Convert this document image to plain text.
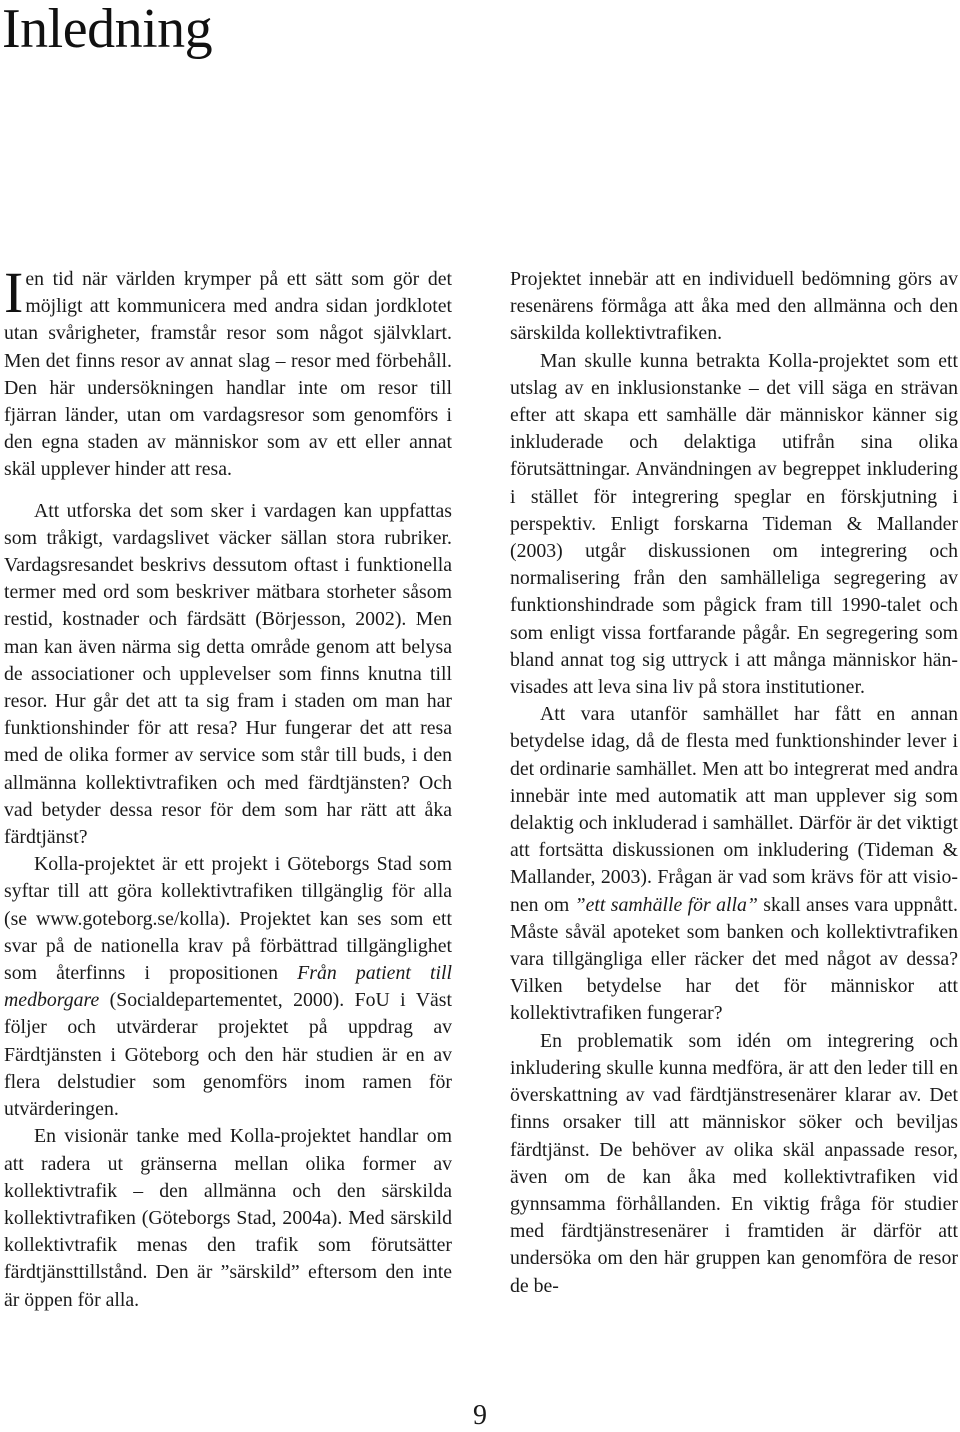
Inledning

Ien tid när världen krymper på ett sätt som gör det möjligt att kommunicera med andra sidan jordklotet utan svårigheter, framstår resor som något självklart. Men det finns resor av annat slag – resor med förbehåll. Den här undersökningen handlar inte om resor till fjärran länder, utan om vardagsresor som genomförs i den egna staden av människor som av ett eller annat skäl upplever hinder att resa.

Att utforska det som sker i vardagen kan uppfattas som tråkigt, vardagslivet väcker sällan stora rubriker. Vardagsresandet beskrivs dessutom oftast i funktionella termer med ord som beskriver mätbara storheter såsom restid, kostnader och färdsätt (Börjesson, 2002). Men man kan även närma sig detta område genom att belysa de associationer och upplevelser som finns knutna till resor. Hur går det att ta sig fram i staden om man har funktionshinder för att resa? Hur fungerar det att resa med de olika former av service som står till buds, i den allmänna kollektivtrafiken och med färdtjänsten? Och vad betyder dessa resor för dem som har rätt att åka färdtjänst?

Kolla-projektet är ett projekt i Göteborgs Stad som syftar till att göra kollektivtrafiken tillgänglig för alla (se www.goteborg.se/kolla). Projektet kan ses som ett svar på de nationella krav på förbättrad tillgänglighet som återfinns i propositionen Från patient till medborgare (Socialdepartementet, 2000). FoU i Väst följer och utvärderar projektet på uppdrag av Färdtjänsten i Göteborg och den här studien är en av flera delstudier som genomförs inom ramen för utvärderingen.

En visionär tanke med Kolla-projektet handlar om att radera ut gränserna mellan olika former av kollektivtrafik – den allmänna och den särskilda kollektivtrafiken (Göteborgs Stad, 2004a). Med särskild kollektivtrafik menas den trafik som förutsätter färdtjänsttillstånd. Den är ”särskild” eftersom den inte är öppen för alla.

Projektet innebär att en individuell bedömning görs av resenärens förmåga att åka med den allmänna och den särskilda kollektivtrafiken.

Man skulle kunna betrakta Kolla-projektet som ett utslag av en inklusionstanke – det vill säga en strävan efter att skapa ett samhälle där människor känner sig inkluderade och delaktiga utifrån sina olika förutsättningar. Användningen av begreppet inkludering i stället för integrering speglar en förskjutning i perspektiv. Enligt forskarna Tideman & Mallander (2003) utgår diskussionen om integrering och normalisering från den samhälleliga segregering av funktionshindrade som pågick fram till 1990-talet och som enligt vissa fortfarande pågår. En segregering som bland annat tog sig uttryck i att många människor hänvisades att leva sina liv på stora institutioner.

Att vara utanför samhället har fått en annan betydelse idag, då de flesta med funktionshinder lever i det ordinarie samhället. Men att bo integrerat med andra innebär inte med automatik att man upplever sig som delaktig och inkluderad i samhället. Därför är det viktigt att fortsätta diskussionen om inkludering (Tideman & Mallander, 2003). Frågan är vad som krävs för att visionen om ”ett samhälle för alla” skall anses vara uppnått. Måste såväl apoteket som banken och kollektivtrafiken vara tillgängliga eller räcker det med något av dessa? Vilken betydelse har det för människor att kollektivtrafiken fungerar?

En problematik som idén om integrering och inkludering skulle kunna medföra, är att den leder till en överskattning av vad färdtjänstresenärer klarar av. Det finns orsaker till att människor söker och beviljas färdtjänst. De behöver av olika skäl anpassade resor, även om de kan åka med kollektivtrafiken vid gynnsamma förhållanden. En viktig fråga för studier med färdtjänstresenärer i framtiden är därför att undersöka om den här gruppen kan genomföra de resor de be-

9
